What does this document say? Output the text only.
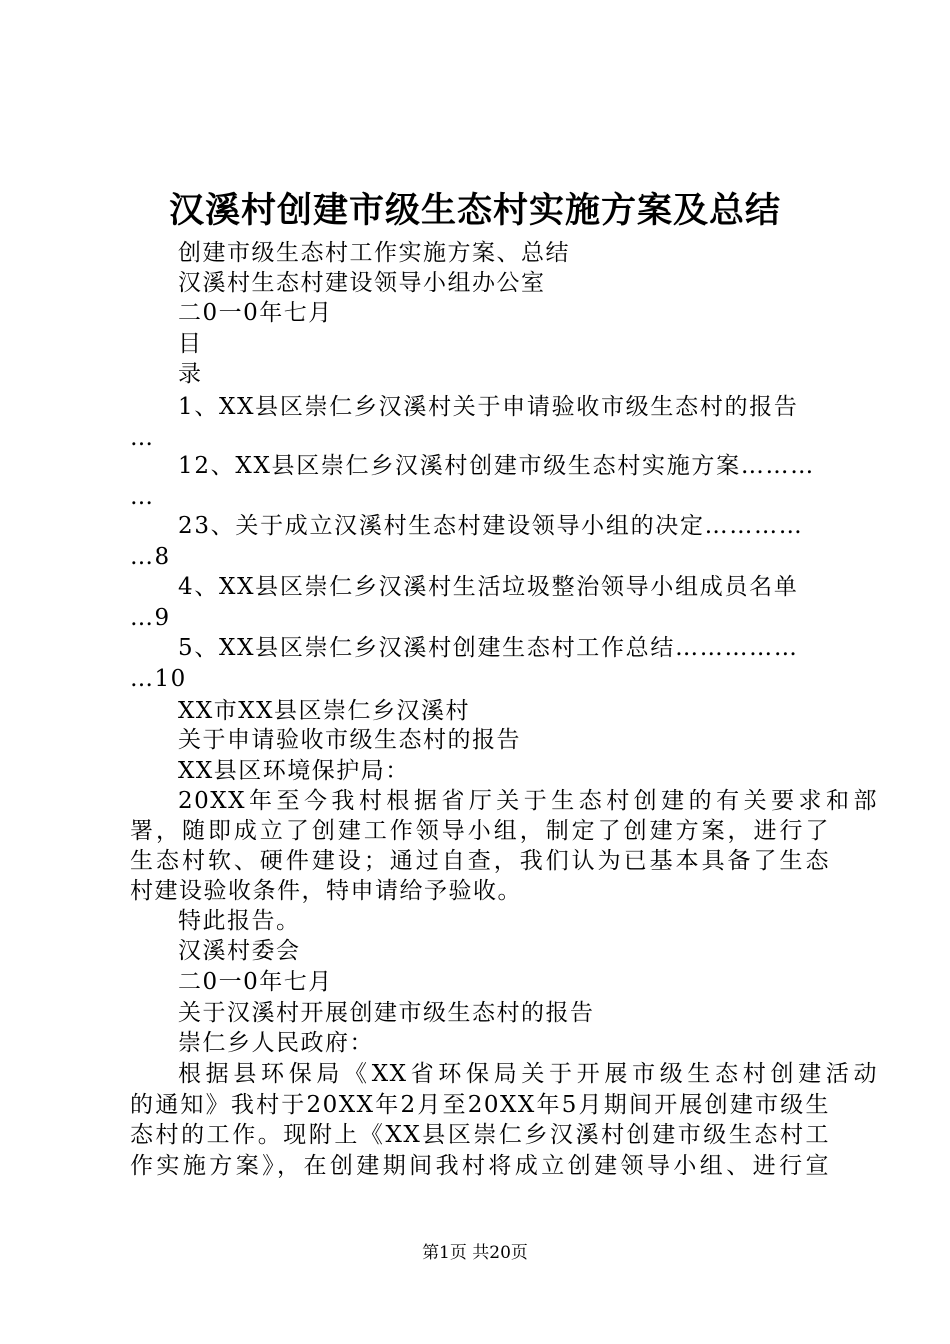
汉溪村创建市级生态村实施方案及总结
创建市级生态村工作实施方案、总结
汉溪村生态村建设领导小组办公室
二0一0年七月
目
录
1、XX县区崇仁乡汉溪村关于申请验收市级生态村的报告
…
12、XX县区崇仁乡汉溪村创建市级生态村实施方案………
…
23、关于成立汉溪村生态村建设领导小组的决定…………
…8
4、XX县区崇仁乡汉溪村生活垃圾整治领导小组成员名单
…9
5、XX县区崇仁乡汉溪村创建生态村工作总结……………
…10
XX市XX县区崇仁乡汉溪村
关于申请验收市级生态村的报告
XX县区环境保护局：
20XX年至今我村根据省厅关于生态村创建的有关要求和部
署，随即成立了创建工作领导小组，制定了创建方案，进行了
生态村软、硬件建设；通过自查，我们认为已基本具备了生态
村建设验收条件，特申请给予验收。
特此报告。
汉溪村委会
二0一0年七月
关于汉溪村开展创建市级生态村的报告
崇仁乡人民政府：
根据县环保局《XX省环保局关于开展市级生态村创建活动
的通知》我村于20XX年2月至20XX年5月期间开展创建市级生
态村的工作。现附上《XX县区崇仁乡汉溪村创建市级生态村工
作实施方案》，在创建期间我村将成立创建领导小组、进行宣
第1页 共20页
